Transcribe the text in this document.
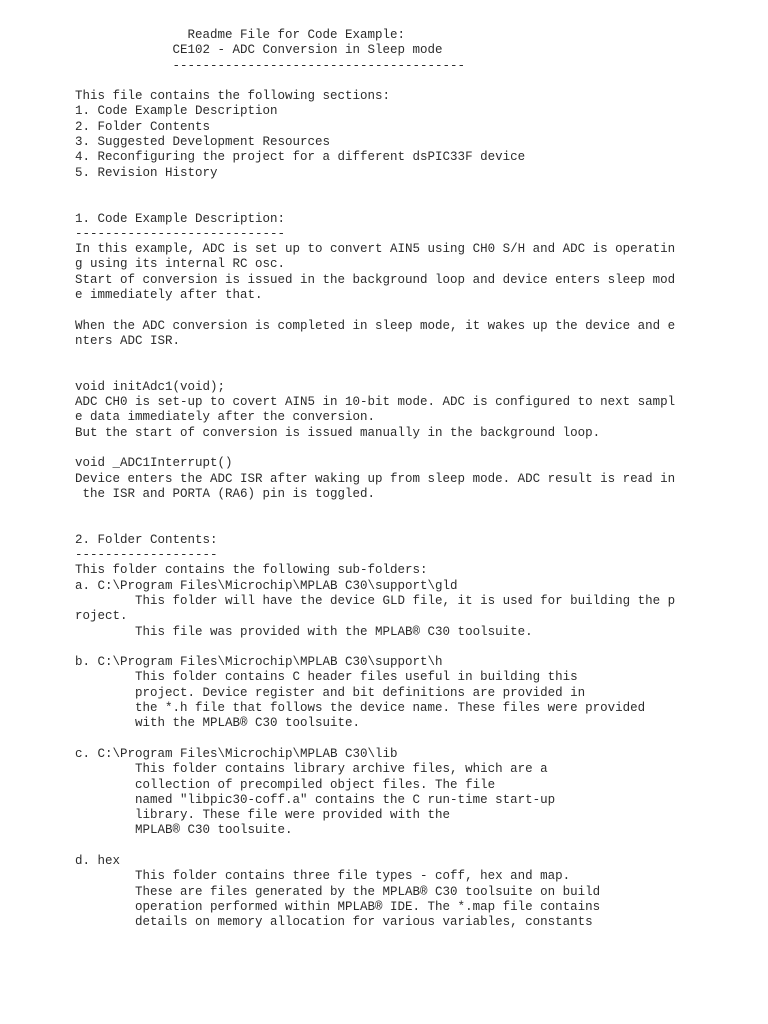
Readme File for Code Example:
CE102 - ADC Conversion in Sleep mode
---------------------------------------
This file contains the following sections:
1. Code Example Description
2. Folder Contents
3. Suggested Development Resources
4. Reconfiguring the project for a different dsPIC33F device
5. Revision History
1. Code Example Description:
----------------------------
In this example, ADC is set up to convert AIN5 using CH0 S/H and ADC is operatin
g using its internal RC osc.
Start of conversion is issued in the background loop and device enters sleep mod
e immediately after that.
When the ADC conversion is completed in sleep mode, it wakes up the device and e
nters ADC ISR.
void initAdc1(void);
ADC CH0 is set-up to covert AIN5 in 10-bit mode. ADC is configured to next sampl
e data immediately after the conversion.
But the start of conversion is issued manually in the background loop.
void _ADC1Interrupt()
Device enters the ADC ISR after waking up from sleep mode. ADC result is read in
the ISR and PORTA (RA6) pin is toggled.
2. Folder Contents:
-------------------
This folder contains the following sub-folders:
a. C:\Program Files\Microchip\MPLAB C30\support\gld
This folder will have the device GLD file, it is used for building the p
roject.
This file was provided with the MPLAB® C30 toolsuite.
b. C:\Program Files\Microchip\MPLAB C30\support\h
This folder contains C header files useful in building this
project. Device register and bit definitions are provided in
the *.h file that follows the device name. These files were provided
with the MPLAB® C30 toolsuite.
c. C:\Program Files\Microchip\MPLAB C30\lib
This folder contains library archive files, which are a
collection of precompiled object files. The file
named "libpic30-coff.a" contains the C run-time start-up
library. These file were provided with the
MPLAB® C30 toolsuite.
d. hex
This folder contains three file types - coff, hex and map.
These are files generated by the MPLAB® C30 toolsuite on build
operation performed within MPLAB® IDE. The *.map file contains
details on memory allocation for various variables, constants
